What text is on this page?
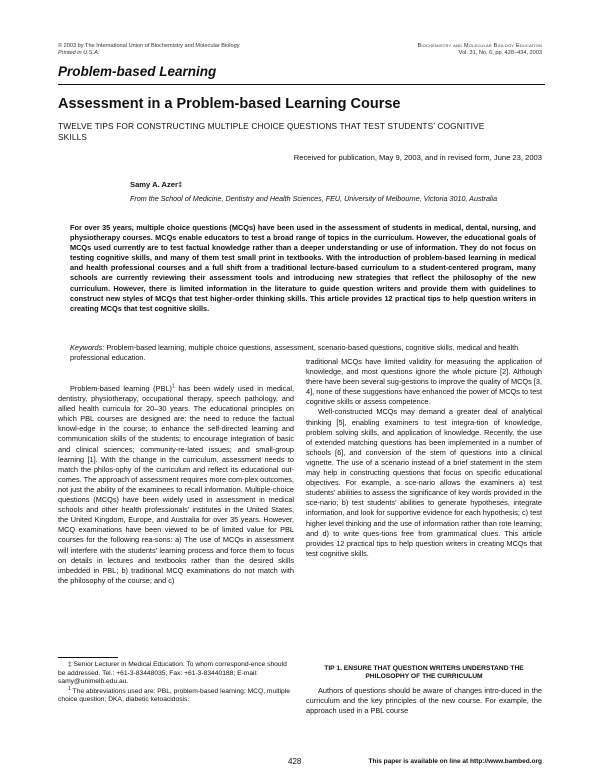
© 2003 by The International Union of Biochemistry and Molecular Biology
Printed in U.S.A.
Biochemistry and Molecular Biology Education
Vol. 31, No. 6, pp. 428–434, 2003
Problem-based Learning
Assessment in a Problem-based Learning Course
TWELVE TIPS FOR CONSTRUCTING MULTIPLE CHOICE QUESTIONS THAT TEST STUDENTS’ COGNITIVE SKILLS
Received for publication, May 9, 2003, and in revised form, June 23, 2003
Samy A. Azer‡
From the School of Medicine, Dentistry and Health Sciences, FEU, University of Melbourne, Victoria 3010, Australia
For over 35 years, multiple choice questions (MCQs) have been used in the assessment of students in medical, dental, nursing, and physiotherapy courses. MCQs enable educators to test a broad range of topics in the curriculum. However, the educational goals of MCQs used currently are to test factual knowledge rather than a deeper understanding or use of information. They do not focus on testing cognitive skills, and many of them test small print in textbooks. With the introduction of problem-based learning in medical and health professional courses and a full shift from a traditional lecture-based curriculum to a student-centered program, many schools are currently reviewing their assessment tools and introducing new strategies that reflect the philosophy of the new curriculum. However, there is limited information in the literature to guide question writers and provide them with guidelines to construct new styles of MCQs that test higher-order thinking skills. This article provides 12 practical tips to help question writers in creating MCQs that test cognitive skills.
Keywords: Problem-based learning, multiple choice questions, assessment, scenario-based questions, cognitive skills, medical and health professional education.

Problem-based learning (PBL)$^1$ has been widely used in medical, dentistry, physiotherapy, occupational therapy, speech pathology, and allied health curricula for 20–30 years. The educational principles on which PBL courses are designed are: the need to reduce the factual knowl-edge in the course; to enhance the self-directed learning and communication skills of the students; to encourage integration of basic and clinical sciences; community-re-lated issues; and small-group learning [1]. With the change in the curriculum, assessment needs to match the philos-ophy of the curriculum and reflect its educational out-comes. The approach of assessment requires more com-plex outcomes, not just the ability of the examinees to recall information. Multiple-choice questions (MCQs) have been widely used in assessment in medical schools and other health professionals’ institutes in the United States, the United Kingdom, Europe, and Australia for over 35 years. However, MCQ examinations have been viewed to be of limited value for PBL courses for the following rea-sons: a) The use of MCQs in assessment will interfere with the students’ learning process and force them to focus on details in lectures and textbooks rather than the desired skills imbedded in PBL; b) traditional MCQ examinations do not match with the philosophy of the course; and c)

traditional MCQs have limited validity for measuring the application of knowledge, and most questions ignore the whole picture [2]. Although there have been several sug-gestions to improve the quality of MCQs [3, 4], none of these suggestions have enhanced the power of MCQs to test cognitive skills or assess competence.

Well-constructed MCQs may demand a greater deal of analytical thinking [5], enabling examiners to test integra-tion of knowledge, problem solving skills, and application of knowledge. Recently, the use of extended matching questions has been implemented in a number of schools [6], and conversion of the stem of questions into a clinical vignette. The use of a scenario instead of a brief statement in the stem may help in constructing questions that focus on specific educational objectives. For example, a sce-nario allows the examiners a) test students’ abilities to assess the significance of key words provided in the sce-nario; b) test students’ abilities to generate hypotheses, integrate information, and look for supportive evidence for each hypothesis; c) test higher level thinking and the use of information rather than rote learning; and d) to write ques-tions free from grammatical clues. This article provides 12 practical tips to help question writers in creating MCQs that test cognitive skills.

‡ Senior Lecturer in Medical Education. To whom correspond-ence should be addressed. Tel.: +61-3-83448035; Fax: +61-3-83440188; E-mail: samy@unimelb.edu.au.

$^1$ The abbreviations used are: PBL, problem-based learning; MCQ, multiple choice question; DKA, diabetic ketoacidosis.

TIP 1. ENSURE THAT QUESTION WRITERS UNDERSTAND THE PHILOSOPHY OF THE CURRICULUM

Authors of questions should be aware of changes intro-duced in the curriculum and the key principles of the new course. For example, the approach used in a PBL course

428	This paper is available on line at http://www.bambed.org
